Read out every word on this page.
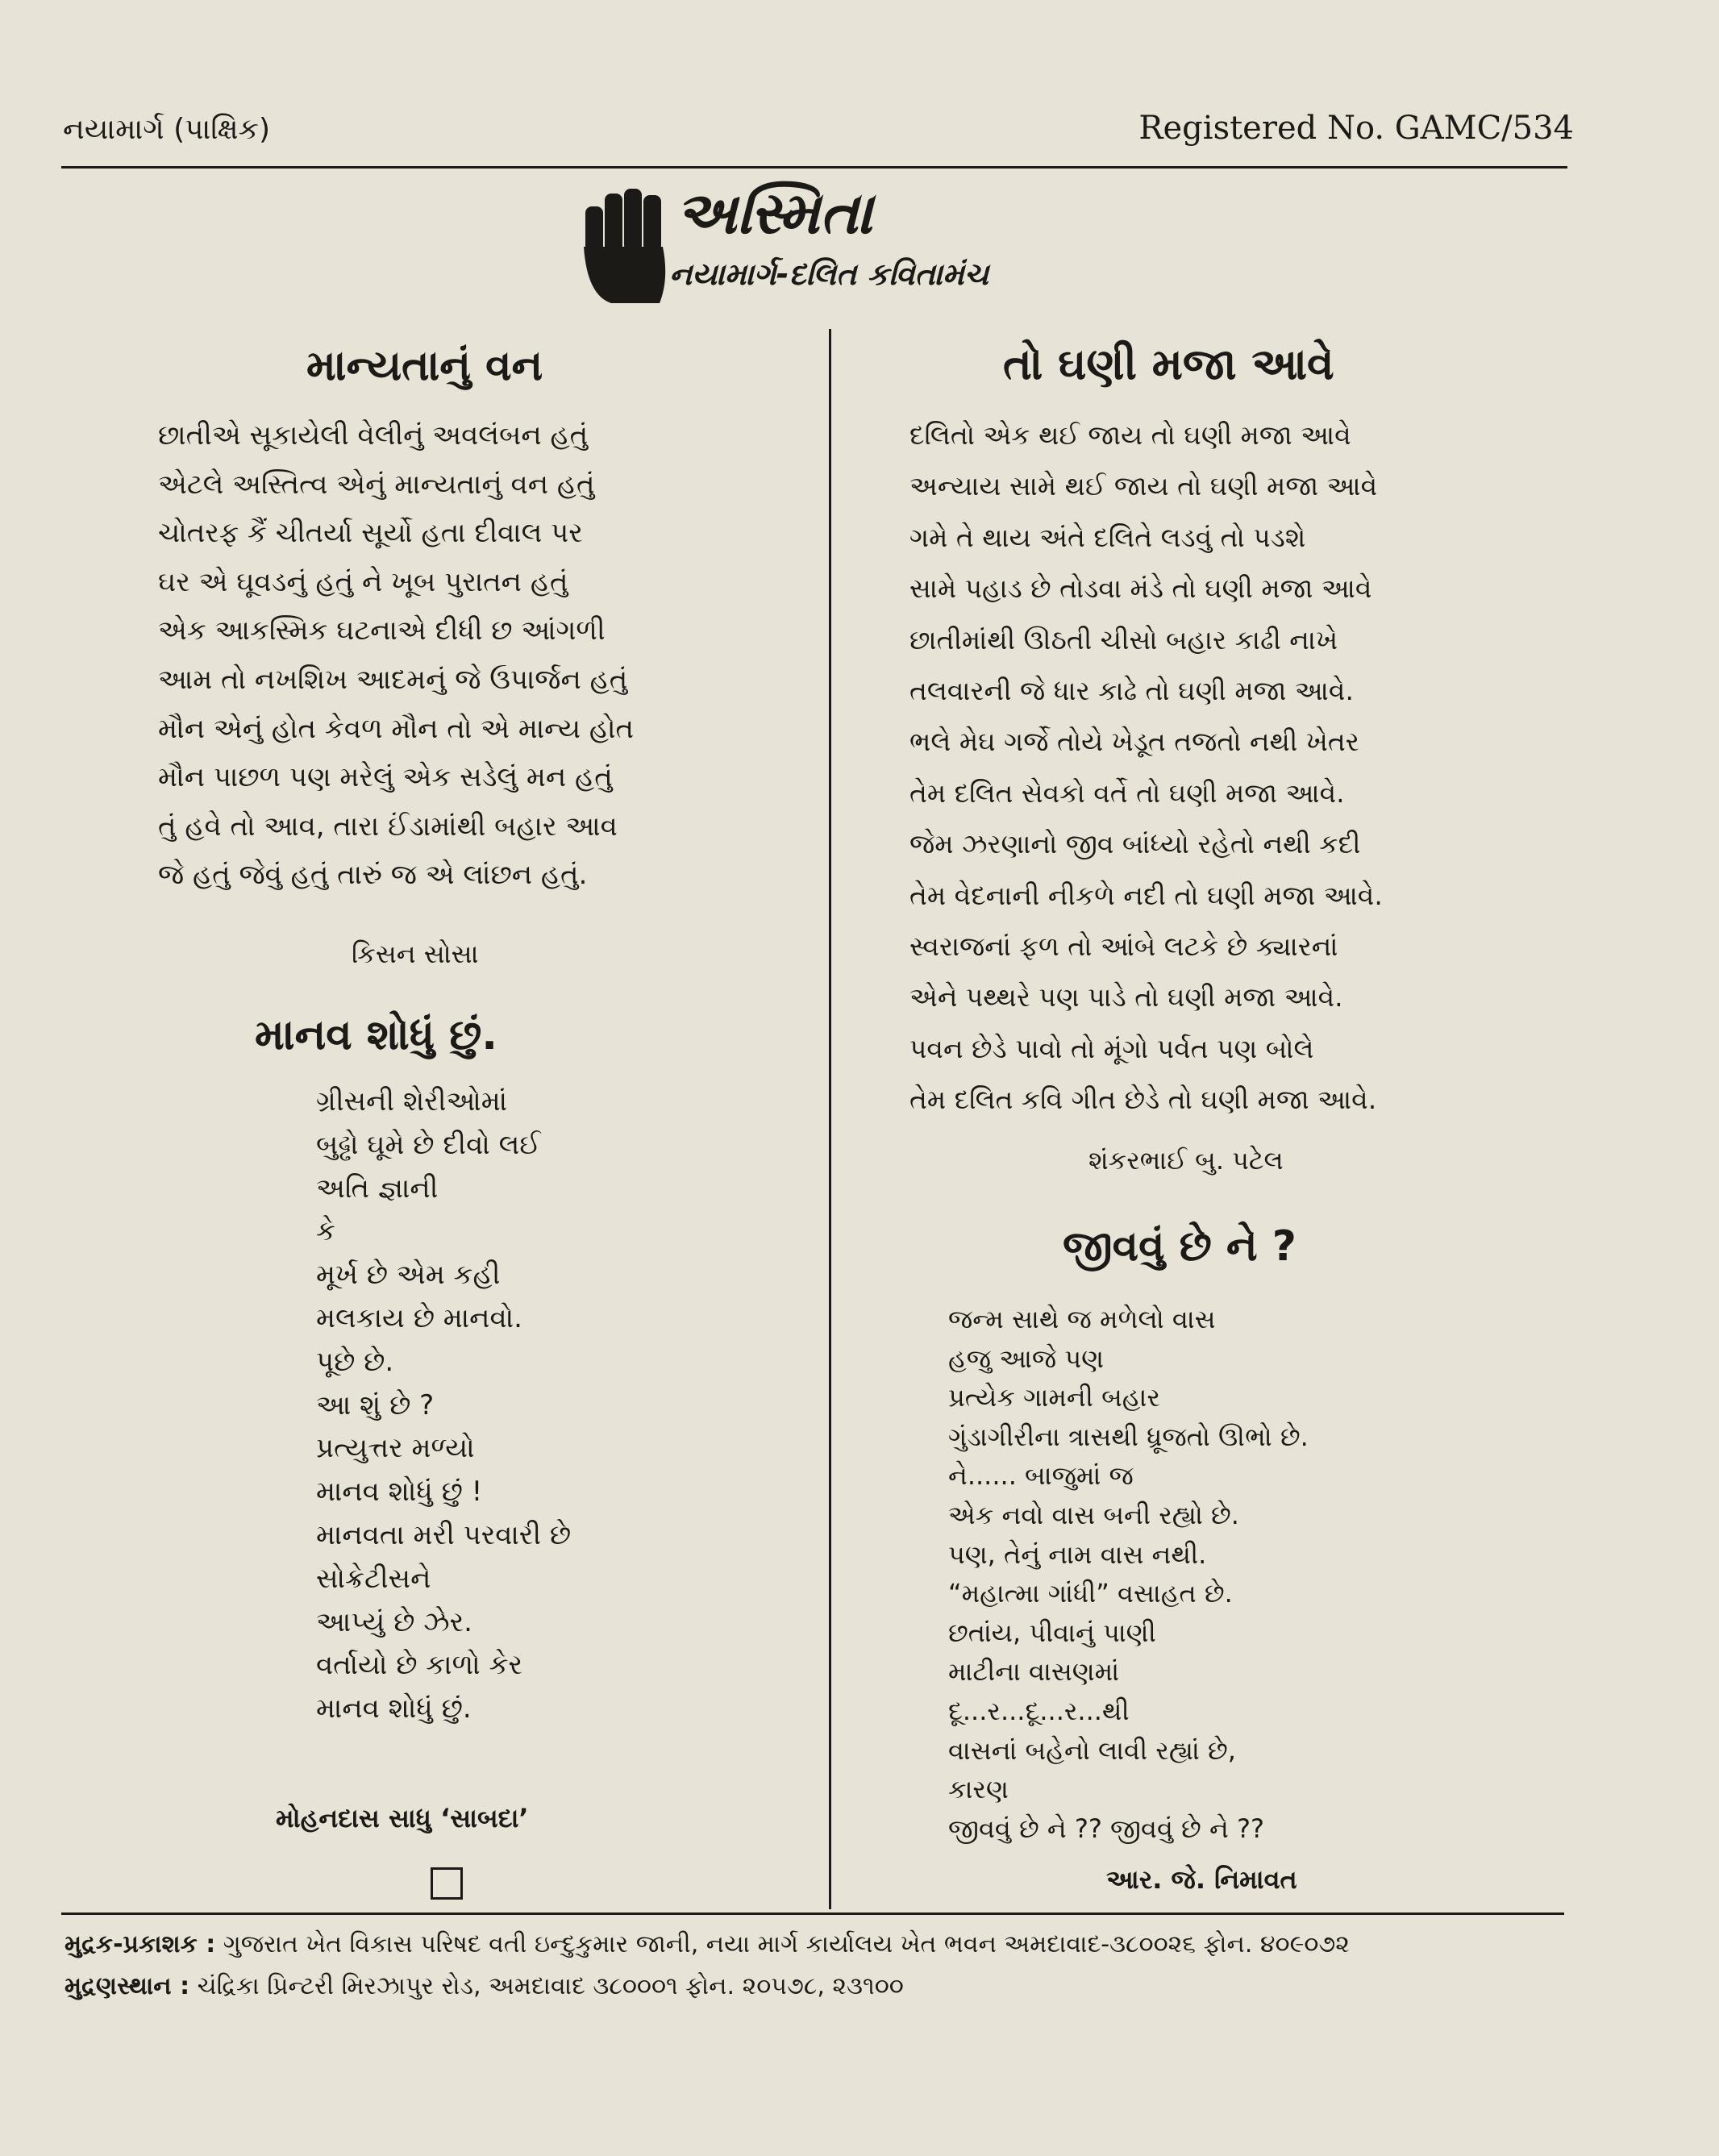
નયામાર્ગ (પાક્ષિક)	Registered No. GAMC/534
અસ્મિતા
નયામાર્ગ-દલિત કવિતામંચ
માન્યતાનું વન
છાતીએ સૂકાયેલી વેલીનું અવલંબન હતું
એટલે અસ્તિત્વ એનું માન્યતાનું વન હતું
ચોતરફ કૈં ચીતર્યા સૂર્યો હતા દીવાલ પર
ઘર એ ઘૂવડનું હતું ને ખૂબ પુરાતન હતું
એક આકસ્મિક ઘટનાએ દીધી છ આંગળી
આમ તો નખશિખ આદમનું જે ઉપાર્જન હતું
મૌન એનું હોત કેવળ મૌન તો એ માન્ય હોત
મૌન પાછળ પણ મરેલું એક સડેલું મન હતું
તું હવે તો આવ, તારા ઈંડામાંથી બહાર આવ
જે હતું જેવું હતું તારું જ એ લાંછન હતું.
કિસન સોસા
માનવ શોધું છું.
ગ્રીસની શેરીઓમાં
બુઢ્ઢો ઘૂમે છે દીવો લઈ
અતિ જ્ઞાની
કે
મૂર્ખ છે એમ કહી
મલકાય છે માનવો.
પૂછે છે.
આ શું છે ?
પ્રત્યુત્તર મળ્યો
માનવ શોધું છું !
માનવતા મરી પરવારી છે
સોક્રેટીસને
આપ્યું છે ઝેર.
વર્તાયો છે કાળો કેર
માનવ શોધું છું.
મોહનદાસ સાધુ ‘સાબદા’
તો ઘણી મજા આવે
દલિતો એક થઈ જાય તો ઘણી મજા આવે
અન્યાય સામે થઈ જાય તો ઘણી મજા આવે
ગમે તે થાય અંતે દલિતે લડવું તો પડશે
સામે પહાડ છે તોડવા મંડે તો ઘણી મજા આવે
છાતીમાંથી ઊઠતી ચીસો બહાર કાઢી નાખે
તલવારની જે ધાર કાઢે તો ઘણી મજા આવે.
ભલે મેઘ ગર્જે તોયે ખેડૂત તજતો નથી ખેતર
તેમ દલિત સેવકો વર્તે તો ઘણી મજા આવે.
જેમ ઝરણાનો જીવ બાંધ્યો રહેતો નથી કદી
તેમ વેદનાની નીકળે નદી તો ઘણી મજા આવે.
સ્વરાજનાં ફળ તો આંબે લટકે છે ક્યારનાં
એને પથ્થરે પણ પાડે તો ઘણી મજા આવે.
પવન છેડે પાવો તો મૂંગો પર્વત પણ બોલે
તેમ દલિત કવિ ગીત છેડે તો ઘણી મજા આવે.
શંકરભાઈ બુ. પટેલ
જીવવું છે ને ?
જન્મ સાથે જ મળેલો વાસ
હજુ આજે પણ
પ્રત્યેક ગામની બહાર
ગુંડાગીરીના ત્રાસથી ધ્રૂજતો ઊભો છે.
ને...... બાજુમાં જ
એક નવો વાસ બની રહ્યો છે.
પણ, તેનું નામ વાસ નથી.
“મહાત્મા ગાંધી” વસાહત છે.
છતાંય, પીવાનું પાણી
માટીના વાસણમાં
દૂ...ર...દૂ...ર...થી
વાસનાં બહેનો લાવી રહ્યાં છે,
કારણ
જીવવું છે ને ?? જીવવું છે ને ??
આર. જે. નિમાવત
મુદ્રક-પ્રકાશક : ગુજરાત ખેત વિકાસ પરિષદ વતી ઇન્દુકુમાર જાની, નયા માર્ગ કાર્યાલય ખેત ભવન અમદાવાદ-૩૮૦૦૨૬ ફોન. ૪૦૯૦૭૨
મુદ્રણસ્થાન : ચંદ્રિકા પ્રિન્ટરી મિરઝાપુર રોડ, અમદાવાદ ૩૮૦૦૦૧ ફોન. ૨૦૫૭૮, ૨૩૧૦૦
